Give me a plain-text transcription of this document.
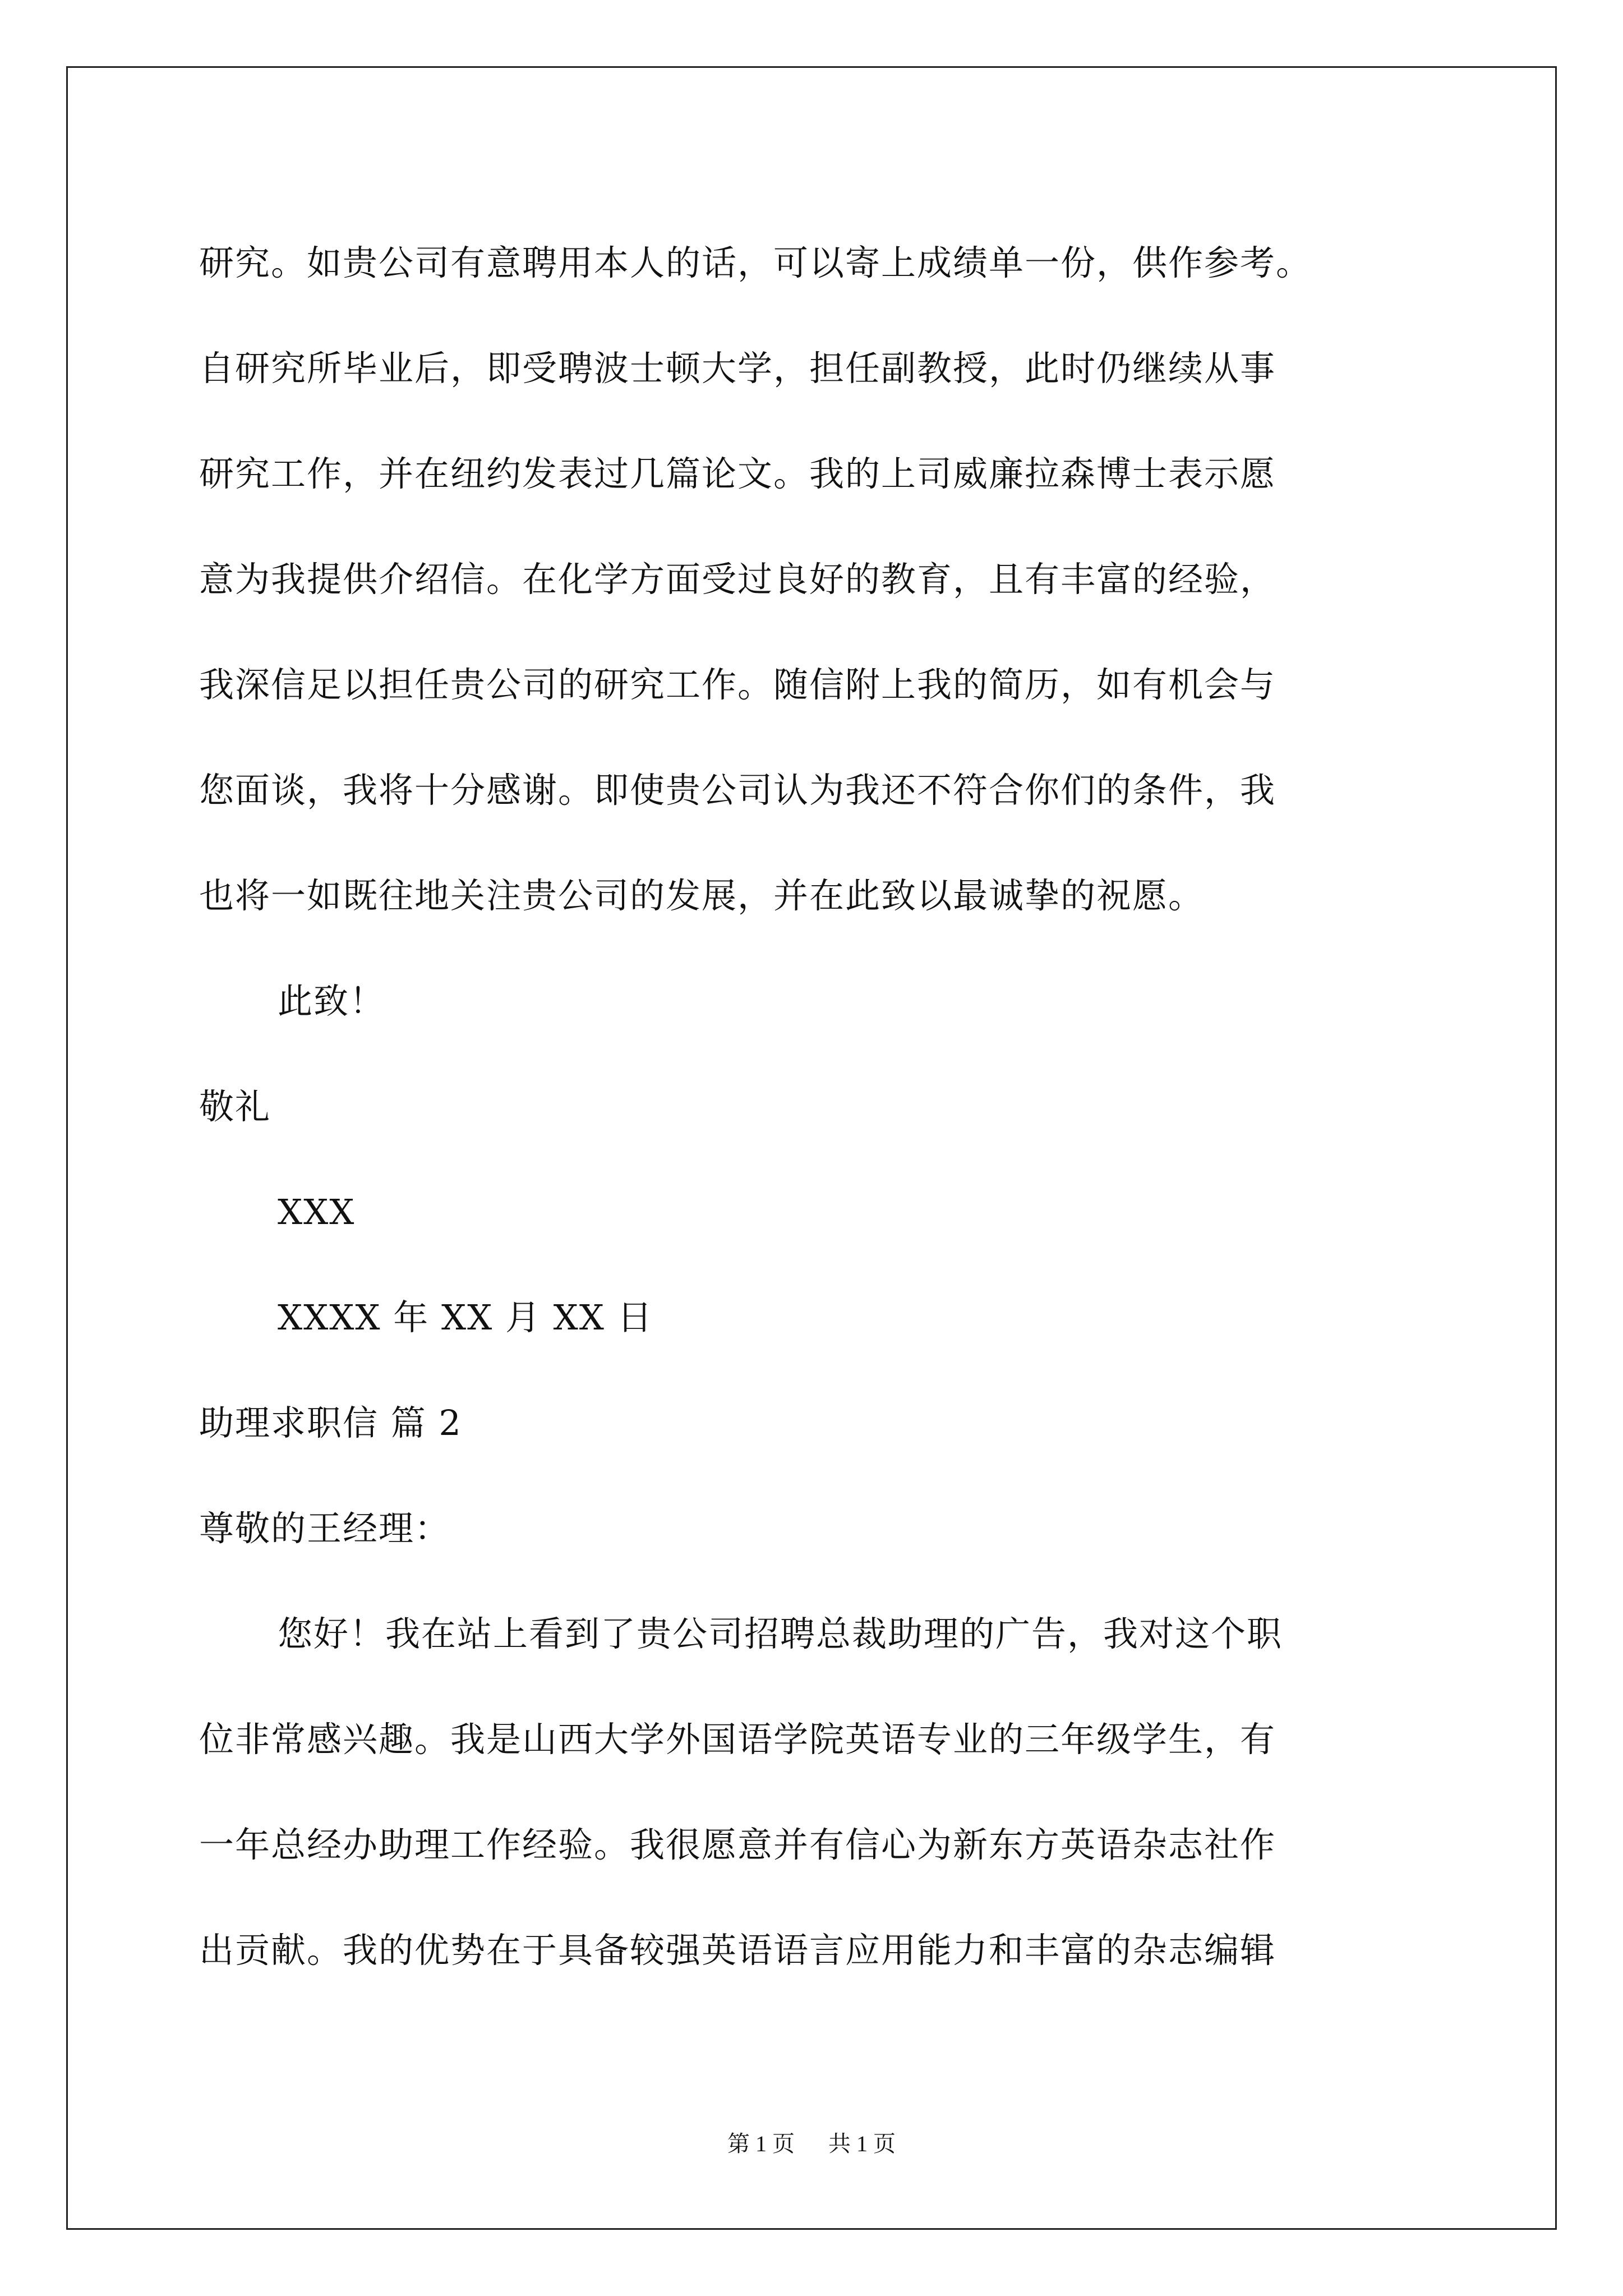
研究。如贵公司有意聘用本人的话，可以寄上成绩单一份，供作参考。
自研究所毕业后，即受聘波士顿大学，担任副教授，此时仍继续从事
研究工作，并在纽约发表过几篇论文。我的上司威廉拉森博士表示愿
意为我提供介绍信。在化学方面受过良好的教育，且有丰富的经验，
我深信足以担任贵公司的研究工作。随信附上我的简历，如有机会与
您面谈，我将十分感谢。即使贵公司认为我还不符合你们的条件，我
也将一如既往地关注贵公司的发展，并在此致以最诚挚的祝愿。
此致！
敬礼
XXX
XXXX 年 XX 月 XX 日
助理求职信 篇 2
尊敬的王经理：
您好！我在站上看到了贵公司招聘总裁助理的广告，我对这个职
位非常感兴趣。我是山西大学外国语学院英语专业的三年级学生，有
一年总经办助理工作经验。我很愿意并有信心为新东方英语杂志社作
出贡献。我的优势在于具备较强英语语言应用能力和丰富的杂志编辑
第 1 页 共 1 页
